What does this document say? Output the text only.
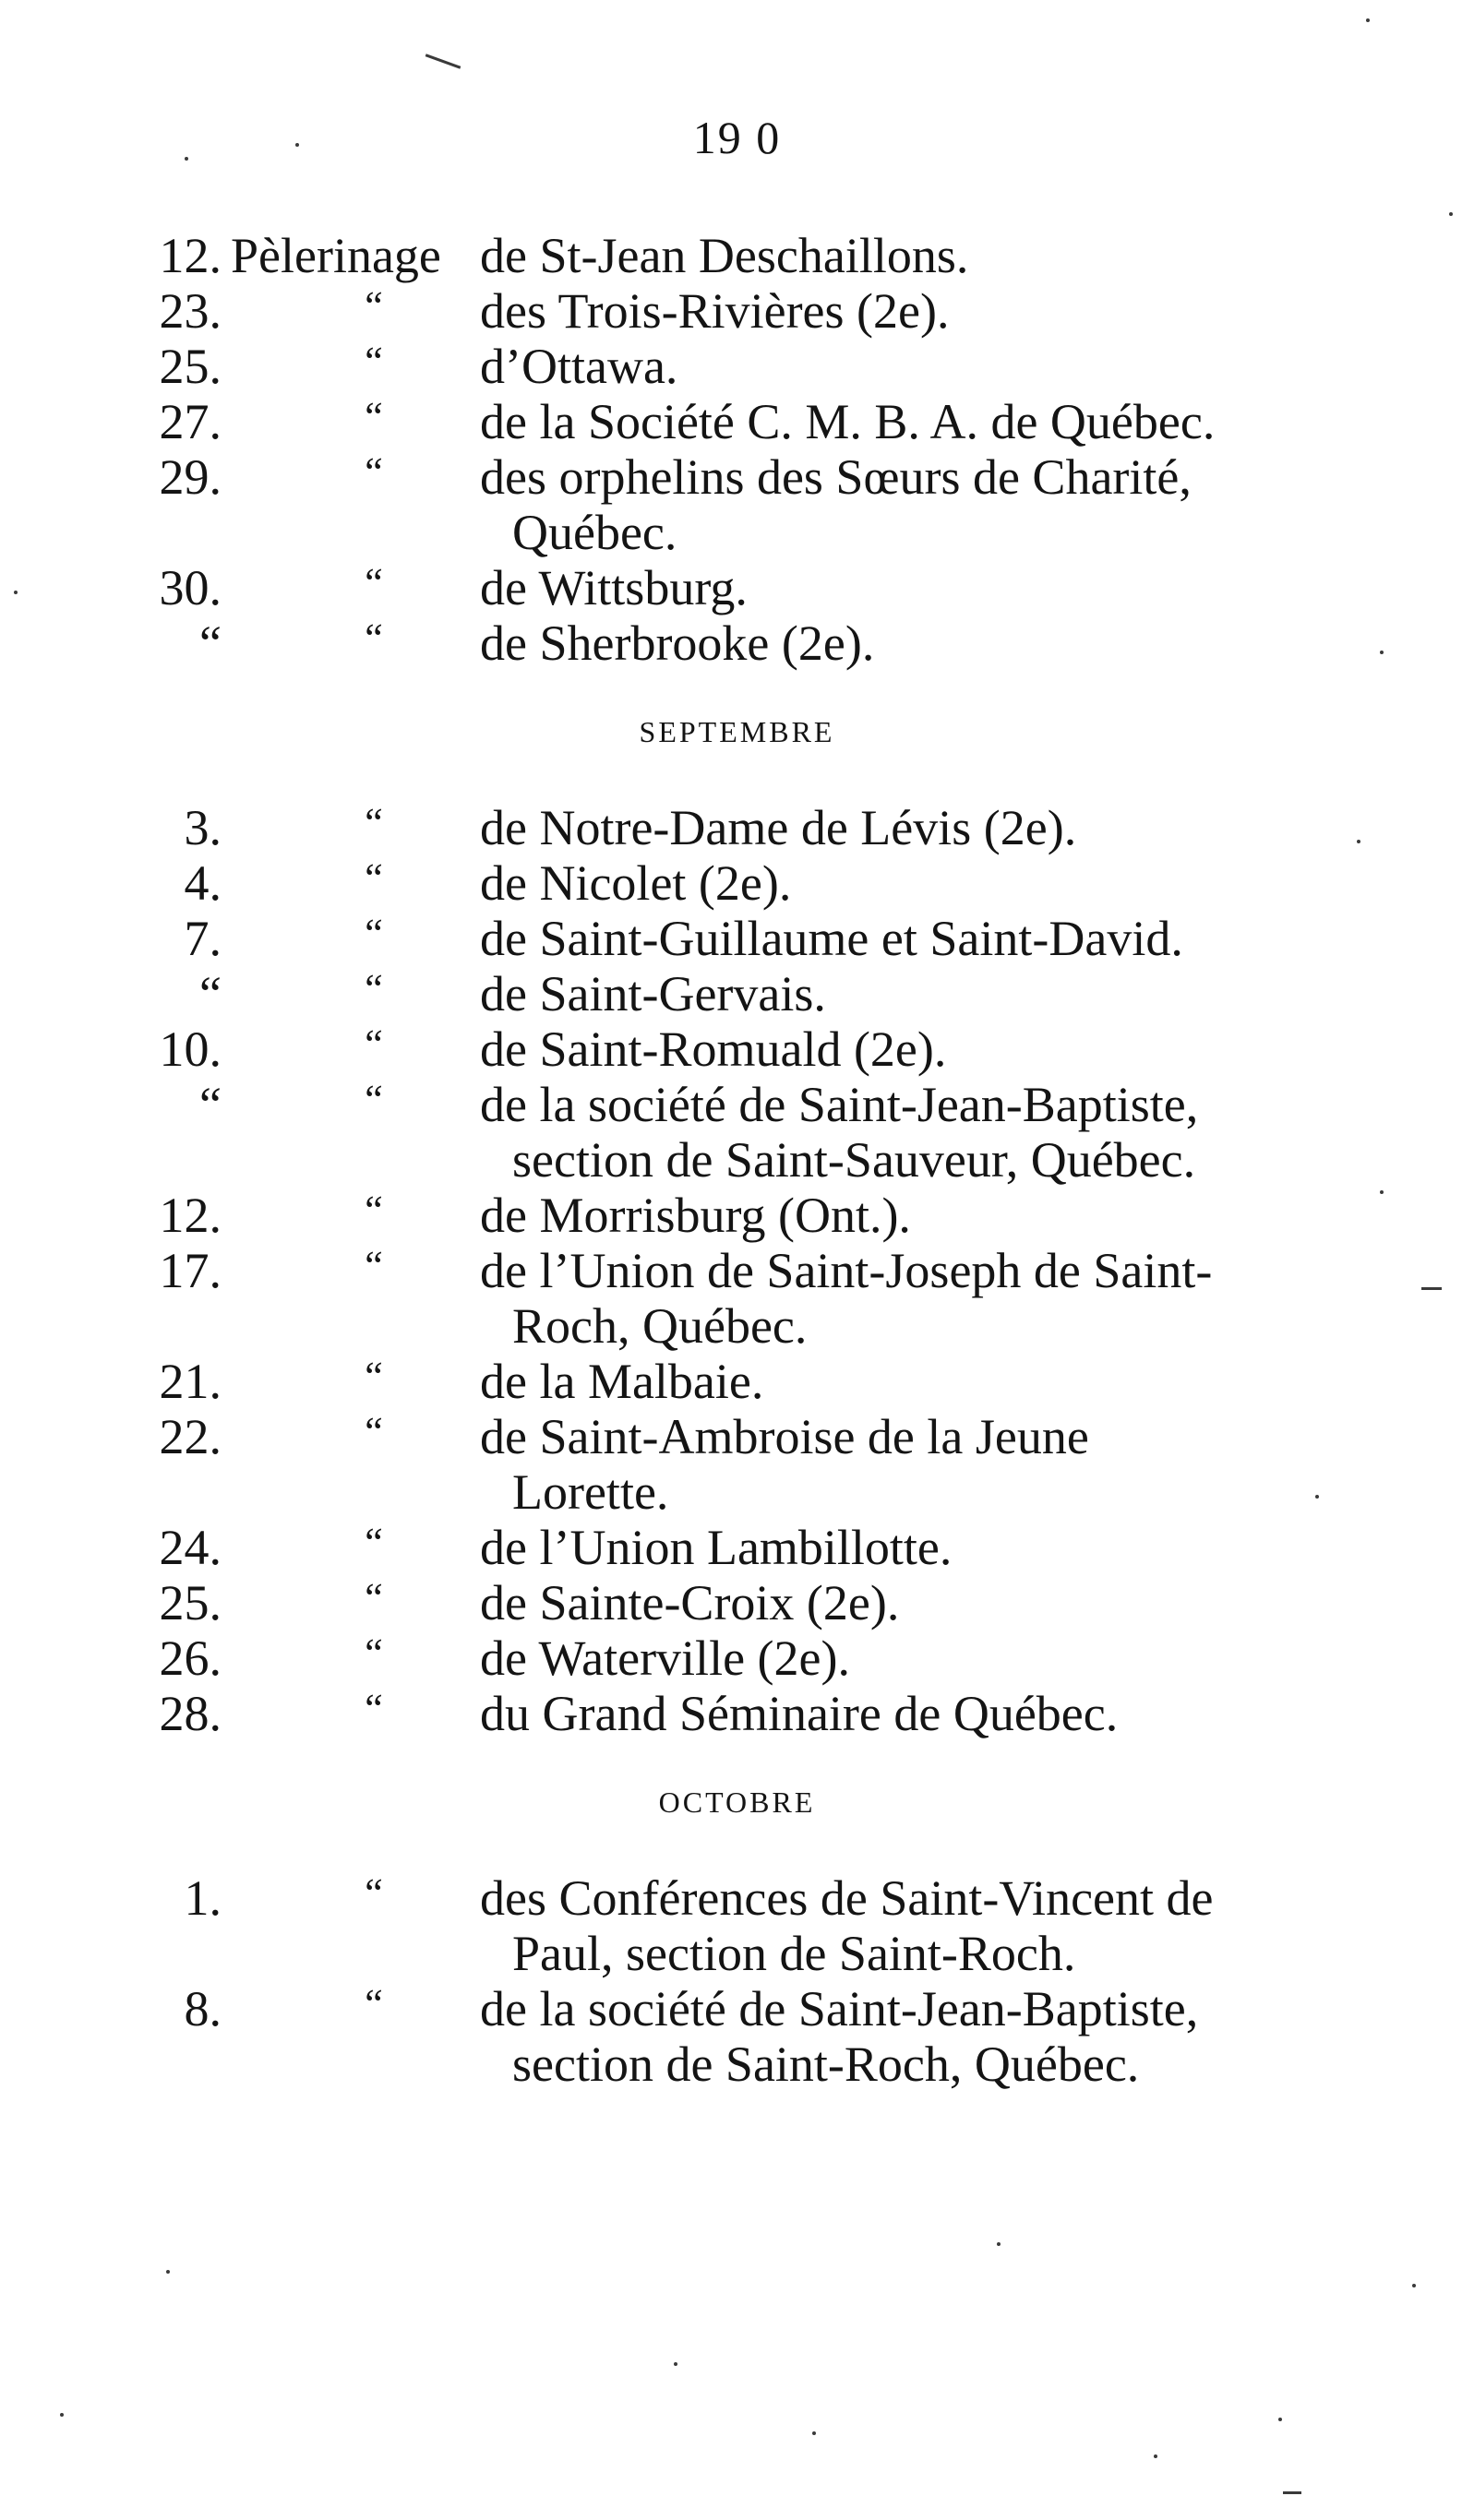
19 0
12. Pèlerinage de St-Jean Deschaillons.
23.	“ des Trois-Rivières (2e).
25.	“ d’Ottawa.
27.	“ de la Société C. M. B. A. de Québec.
29.	“ des orphelins des Sœurs de Charité,
Québec.
30.	“ de Wittsburg.
“	“ de Sherbrooke (2e).
SEPTEMBRE
3.	“ de Notre-Dame de Lévis (2e).
4.	“ de Nicolet (2e).
7.	“ de Saint-Guillaume et Saint-David.
“	“ de Saint-Gervais.
10.	“ de Saint-Romuald (2e).
“	“ de la société de Saint-Jean-Baptiste,
section de Saint-Sauveur, Québec.
12.	“ de Morrisburg (Ont.).
17.	“ de l’Union de Saint-Joseph de Saint-
Roch, Québec.
21.	“ de la Malbaie.
22.	“ de Saint-Ambroise de la Jeune
Lorette.
24.	“ de l’Union Lambillotte.
25.	“ de Sainte-Croix (2e).
26.	“ de Waterville (2e).
28.	“ du Grand Séminaire de Québec.
OCTOBRE
1.	“ des Conférences de Saint-Vincent de
Paul, section de Saint-Roch.
8.	“ de la société de Saint-Jean-Baptiste,
section de Saint-Roch, Québec.
